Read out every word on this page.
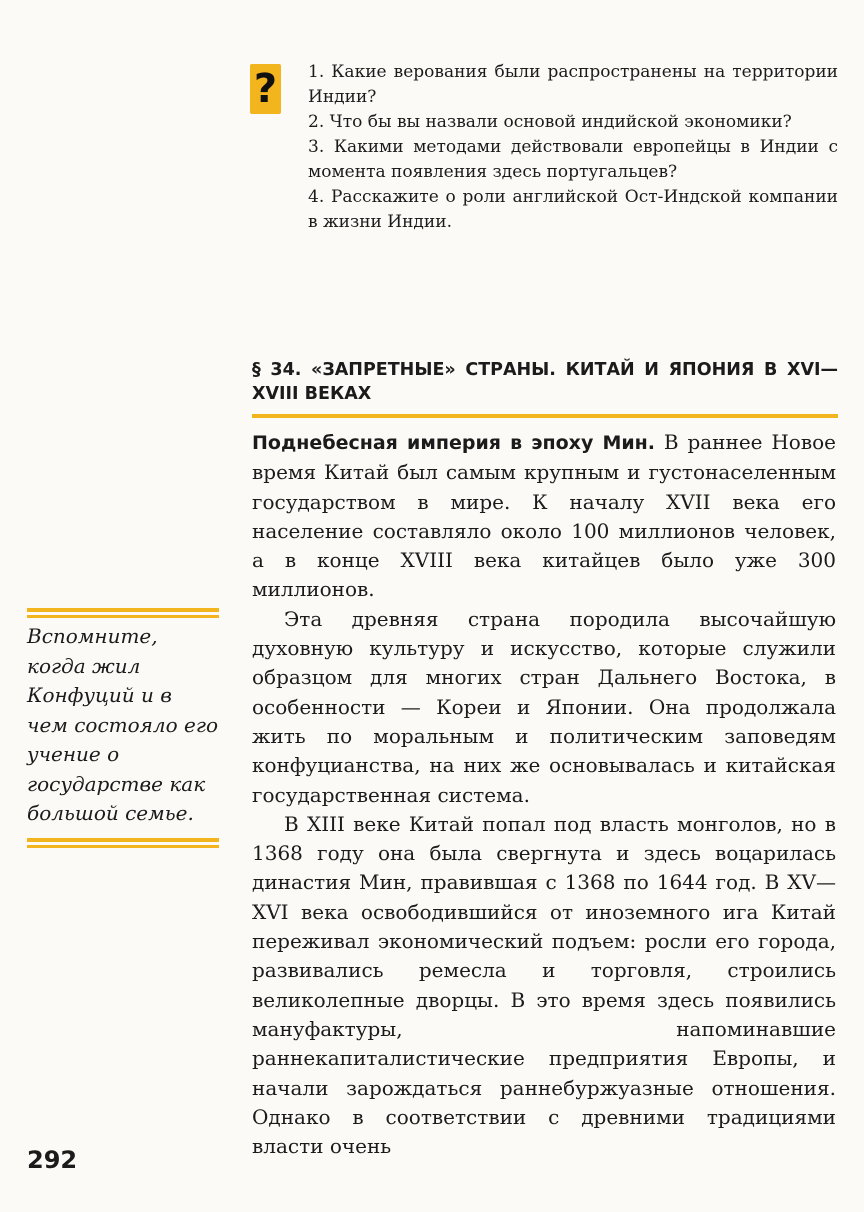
? 1. Какие верования были распространены на территории Индии?
2. Что бы вы назвали основой индийской экономики?
3. Какими методами действовали европейцы в Индии с момента появления здесь португальцев?
4. Расскажите о роли английской Ост-Индской компании в жизни Индии.
§ 34. «ЗАПРЕТНЫЕ» СТРАНЫ. КИТАЙ И ЯПОНИЯ В XVI—XVIII ВЕКАХ

Поднебесная империя в эпоху Мин. В раннее Новое время Китай был самым крупным и густонаселенным государством в мире. К началу XVII века его население составляло около 100 миллионов человек, а в конце XVIII века китайцев было уже 300 миллионов.

Эта древняя страна породила высочайшую духовную культуру и искусство, которые служили образцом для многих стран Дальнего Востока, в особенности — Кореи и Японии. Она продолжала жить по моральным и политическим заповедям конфуцианства, на них же основывалась и китайская государственная система.

В XIII веке Китай попал под власть монголов, но в 1368 году она была свергнута и здесь воцарилась династия Мин, правившая с 1368 по 1644 год. В XV—XVI века освободившийся от иноземного ига Китай переживал экономический подъем: росли его города, развивались ремесла и торговля, строились великолепные дворцы. В это время здесь появились мануфактуры, напоминавшие раннекапиталистические предприятия Европы, и начали зарождаться раннебуржуазные отношения. Однако в соответствии с древними традициями власти очень

Вспомните, когда жил Конфуций и в чем состояло его учение о государстве как большой семье.
292
